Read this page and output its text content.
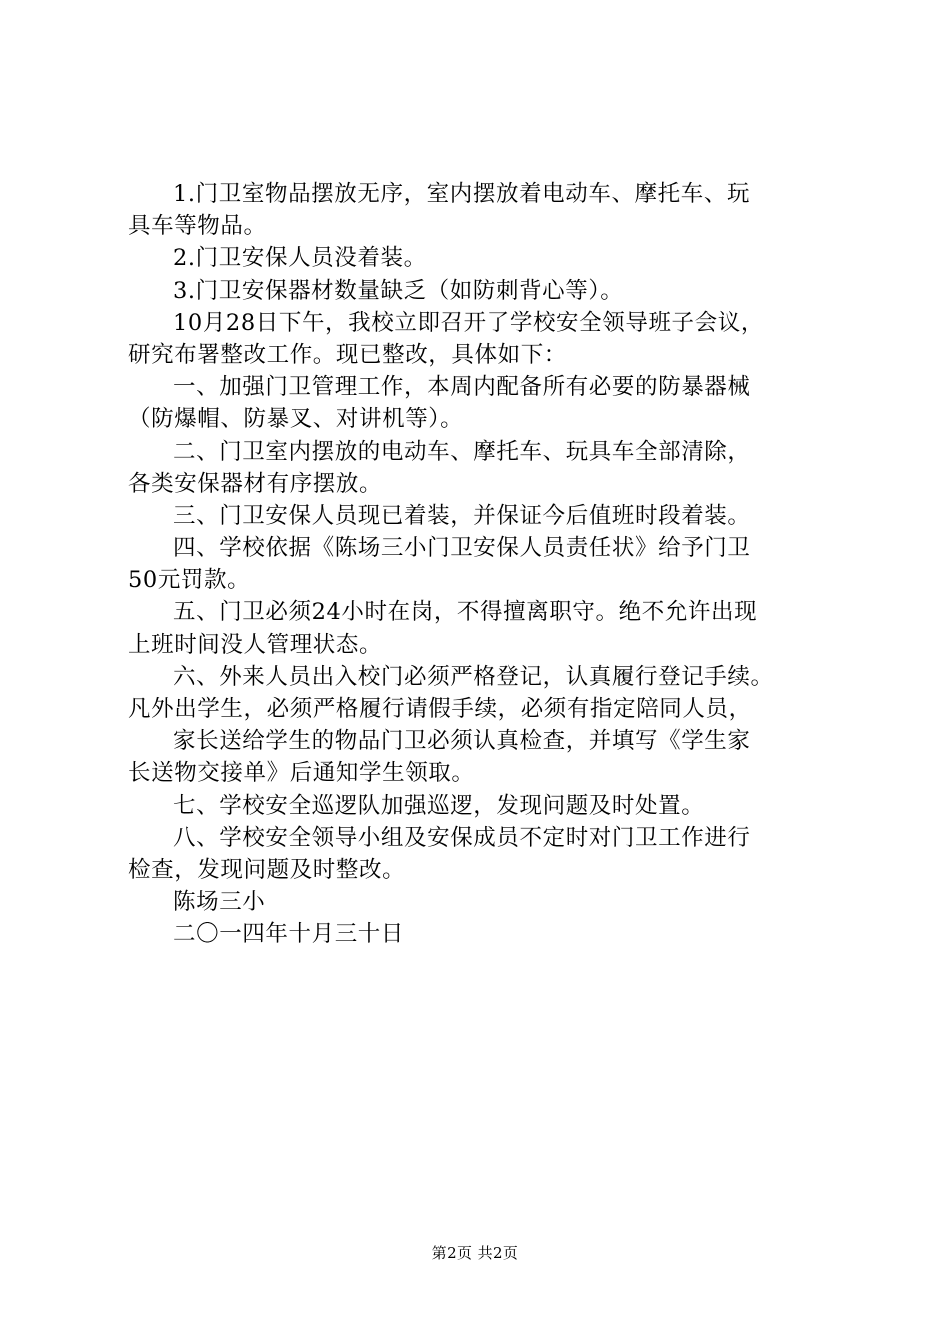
1.门卫室物品摆放无序，室内摆放着电动车、摩托车、玩
具车等物品。
2.门卫安保人员没着装。
3.门卫安保器材数量缺乏（如防刺背心等）。
10月28日下午，我校立即召开了学校安全领导班子会议，
研究布署整改工作。现已整改，具体如下：
一、加强门卫管理工作，本周内配备所有必要的防暴器械
（防爆帽、防暴叉、对讲机等）。
二、门卫室内摆放的电动车、摩托车、玩具车全部清除，
各类安保器材有序摆放。
三、门卫安保人员现已着装，并保证今后值班时段着装。
四、学校依据《陈场三小门卫安保人员责任状》给予门卫
50元罚款。
五、门卫必须24小时在岗，不得擅离职守。绝不允许出现
上班时间没人管理状态。
六、外来人员出入校门必须严格登记，认真履行登记手续。
凡外出学生，必须严格履行请假手续，必须有指定陪同人员，
家长送给学生的物品门卫必须认真检查，并填写《学生家
长送物交接单》后通知学生领取。
七、学校安全巡逻队加强巡逻，发现问题及时处置。
八、学校安全领导小组及安保成员不定时对门卫工作进行
检查，发现问题及时整改。
陈场三小
二〇一四年十月三十日
第2页 共2页
